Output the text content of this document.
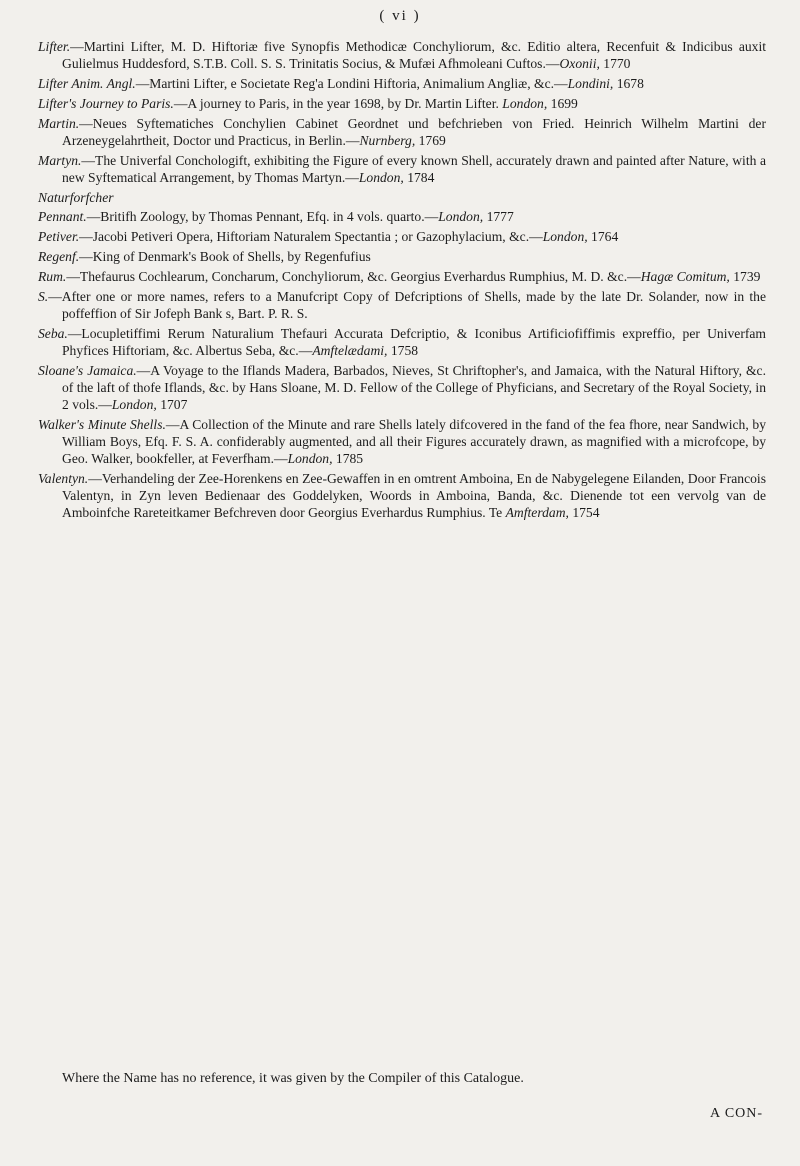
( vi )

Lifter.—Martini Lifter, M. D. Hiftoriæ five Synopfis Methodicæ Conchyliorum, &c. Editio altera, Recenfuit & Indicibus auxit Gulielmus Huddesford, S.T.B. Coll. S. S. Trinitatis Socius, & Mufæi Afhmoleani Cuftos.—Oxonii, 1770

Lifter Anim. Angl.—Martini Lifter, e Societate Reg'a Londini Hiftoria, Animalium Angliæ, &c.—Londini, 1678

Lifter's Journey to Paris.—A journey to Paris, in the year 1698, by Dr. Martin Lifter. London, 1699

Martin.—Neues Syftematiches Conchylien Cabinet Geordnet und befchrieben von Fried. Heinrich Wilhelm Martini der Arzeneygelahrtheit, Doctor und Practicus, in Berlin.—Nurnberg, 1769

Martyn.—The Univerfal Conchologift, exhibiting the Figure of every known Shell, accurately drawn and painted after Nature, with a new Syftematical Arrangement, by Thomas Martyn.—London, 1784

Naturforfcher

Pennant.—Britifh Zoology, by Thomas Pennant, Efq. in 4 vols. quarto.—London, 1777

Petiver.—Jacobi Petiveri Opera, Hiftoriam Naturalem Spectantia ; or Gazophylacium, &c.—London, 1764

Regenf.—King of Denmark's Book of Shells, by Regenfufius

Rum.—Thefaurus Cochlearum, Concharum, Conchyliorum, &c. Georgius Everhardus Rumphius, M. D. &c.—Hagæ Comitum, 1739

S.—After one or more names, refers to a Manufcript Copy of Defcriptions of Shells, made by the late Dr. Solander, now in the poffeffion of Sir Jofeph Bank s, Bart. P. R. S.

Seba.—Locupletiffimi Rerum Naturalium Thefauri Accurata Defcriptio, & Iconibus Artificiofiffimis expreffio, per Univerfam Phyfices Hiftoriam, &c. Albertus Seba, &c.—Amftelædami, 1758

Sloane's Jamaica.—A Voyage to the Iflands Madera, Barbados, Nieves, St Chriftopher's, and Jamaica, with the Natural Hiftory, &c. of the laft of thofe Iflands, &c. by Hans Sloane, M. D. Fellow of the College of Phyficians, and Secretary of the Royal Society, in 2 vols.—London, 1707

Walker's Minute Shells.—A Collection of the Minute and rare Shells lately difcovered in the fand of the fea fhore, near Sandwich, by William Boys, Efq. F. S. A. confiderably augmented, and all their Figures accurately drawn, as magnified with a microfcope, by Geo. Walker, bookfeller, at Feverfham.—London, 1785

Valentyn.—Verhandeling der Zee-Horenkens en Zee-Gewaffen in en omtrent Amboina, En de Nabygelegene Eilanden, Door Francois Valentyn, in Zyn leven Bedienaar des Goddelyken, Woords in Amboina, Banda, &c. Dienende tot een vervolg van de Amboinfche Rareteitkamer Befchreven door Georgius Everhardus Rumphius. Te Amfterdam, 1754

Where the Name has no reference, it was given by the Compiler of this Catalogue.
A CON-
